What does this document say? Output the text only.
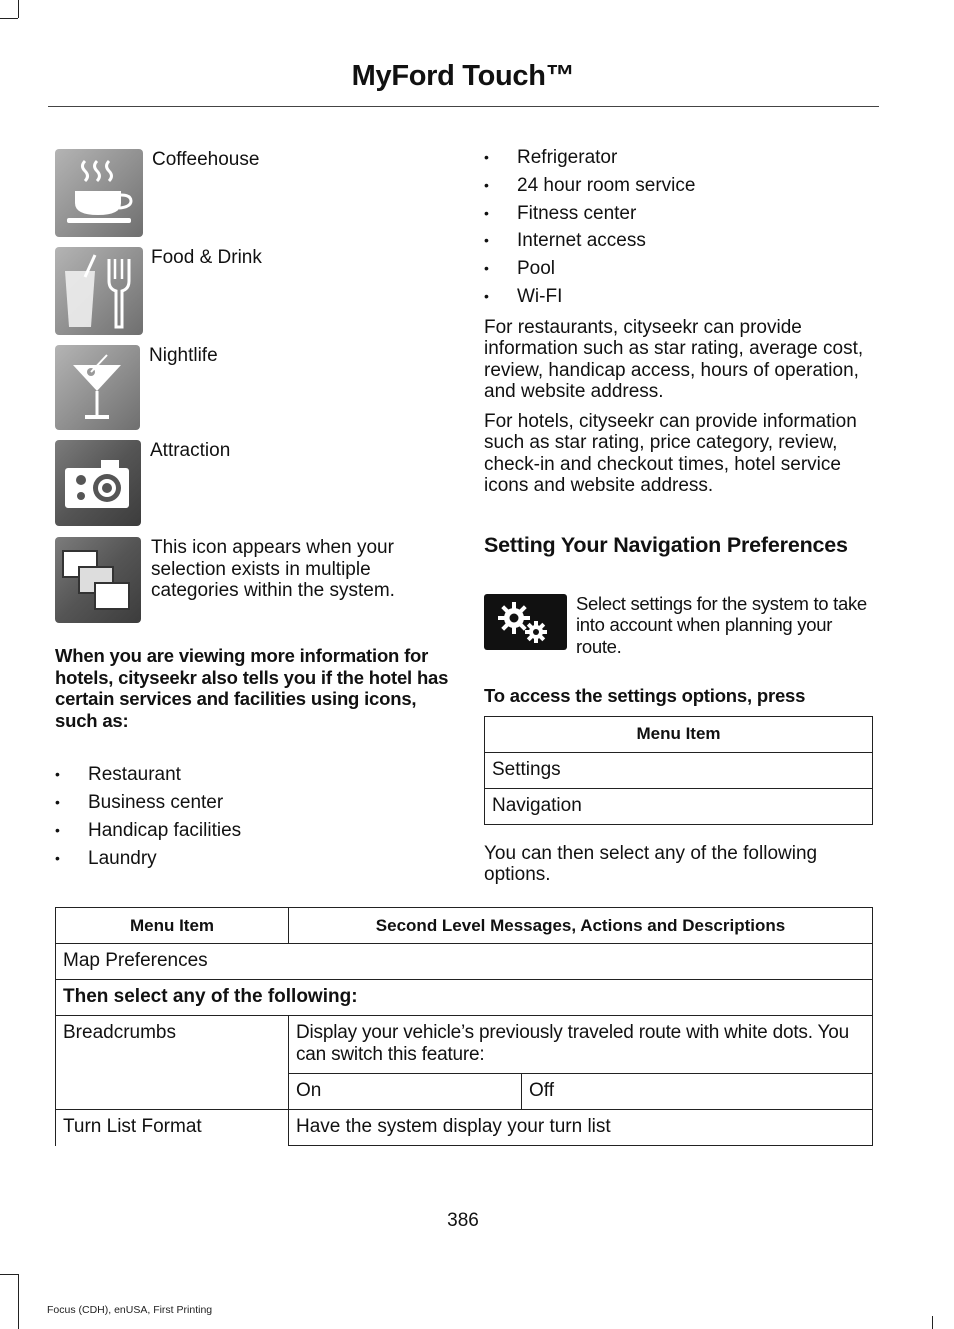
MyFord Touch™
Coffeehouse
Food & Drink
Nightlife
Attraction
This icon appears when your selection exists in multiple categories within the system.
When you are viewing more information for hotels, cityseekr also tells you if the hotel has certain services and facilities using icons, such as:
• Restaurant
• Business center
• Handicap facilities
• Laundry
• Refrigerator
• 24 hour room service
• Fitness center
• Internet access
• Pool
• Wi-FI
For restaurants, cityseekr can provide information such as star rating, average cost, review, handicap access, hours of operation, and website address.
For hotels, cityseekr can provide information such as star rating, price category, review, check-in and checkout times, hotel service icons and website address.
Setting Your Navigation Preferences
Select settings for the system to take into account when planning your route.
To access the settings options, press
Menu Item
Settings
Navigation
You can then select any of the following options.
Menu Item	Second Level Messages, Actions and Descriptions	
Map Preferences		
Then select any of the following:		
Breadcrumbs	Display your vehicle’s previously traveled route with white dots. You can switch this feature:	
	On	Off
Turn List Format	Have the system display your turn list	
386
Focus (CDH), enUSA, First Printing
